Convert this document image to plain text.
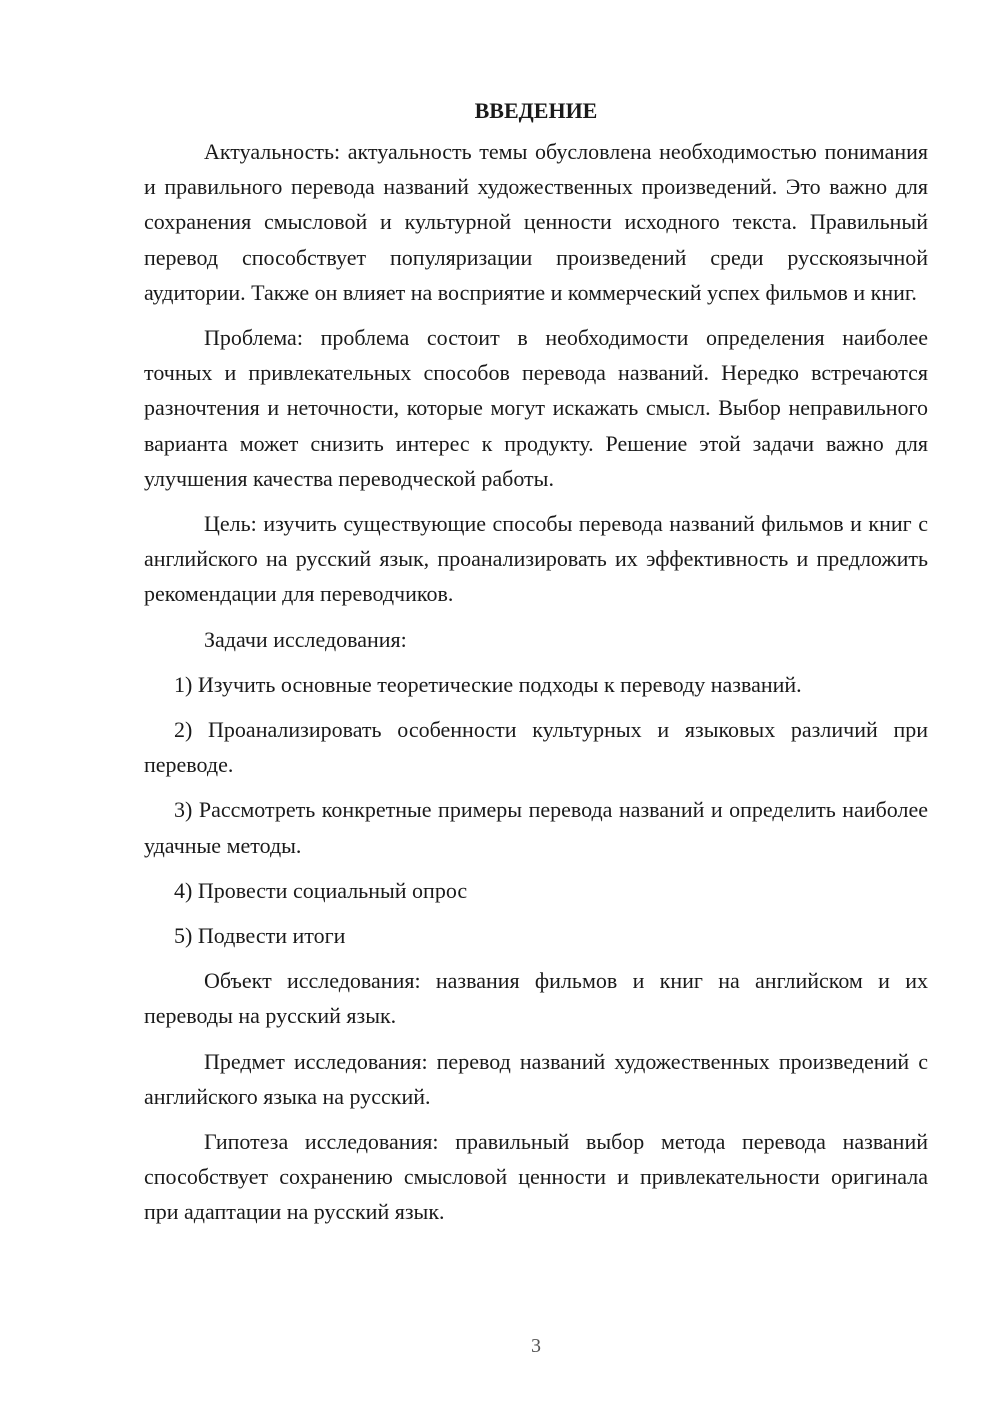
ВВЕДЕНИЕ

Актуальность: актуальность темы обусловлена необходимостью понимания и правильного перевода названий художественных произведений. Это важно для сохранения смысловой и культурной ценности исходного текста. Правильный перевод способствует популяризации произведений среди русскоязычной аудитории. Также он влияет на восприятие и коммерческий успех фильмов и книг.

Проблема: проблема состоит в необходимости определения наиболее точных и привлекательных способов перевода названий. Нередко встречаются разночтения и неточности, которые могут искажать смысл. Выбор неправильного варианта может снизить интерес к продукту. Решение этой задачи важно для улучшения качества переводческой работы.

Цель: изучить существующие способы перевода названий фильмов и книг с английского на русский язык, проанализировать их эффективность и предложить рекомендации для переводчиков.

Задачи исследования:

1) Изучить основные теоретические подходы к переводу названий.

2) Проанализировать особенности культурных и языковых различий при переводе.

3) Рассмотреть конкретные примеры перевода названий и определить наиболее удачные методы.

4) Провести социальный опрос

5) Подвести итоги

Объект исследования: названия фильмов и книг на английском и их переводы на русский язык.

Предмет исследования: перевод названий художественных произведений с английского языка на русский.

Гипотеза исследования: правильный выбор метода перевода названий способствует сохранению смысловой ценности и привлекательности оригинала при адаптации на русский язык.

3
